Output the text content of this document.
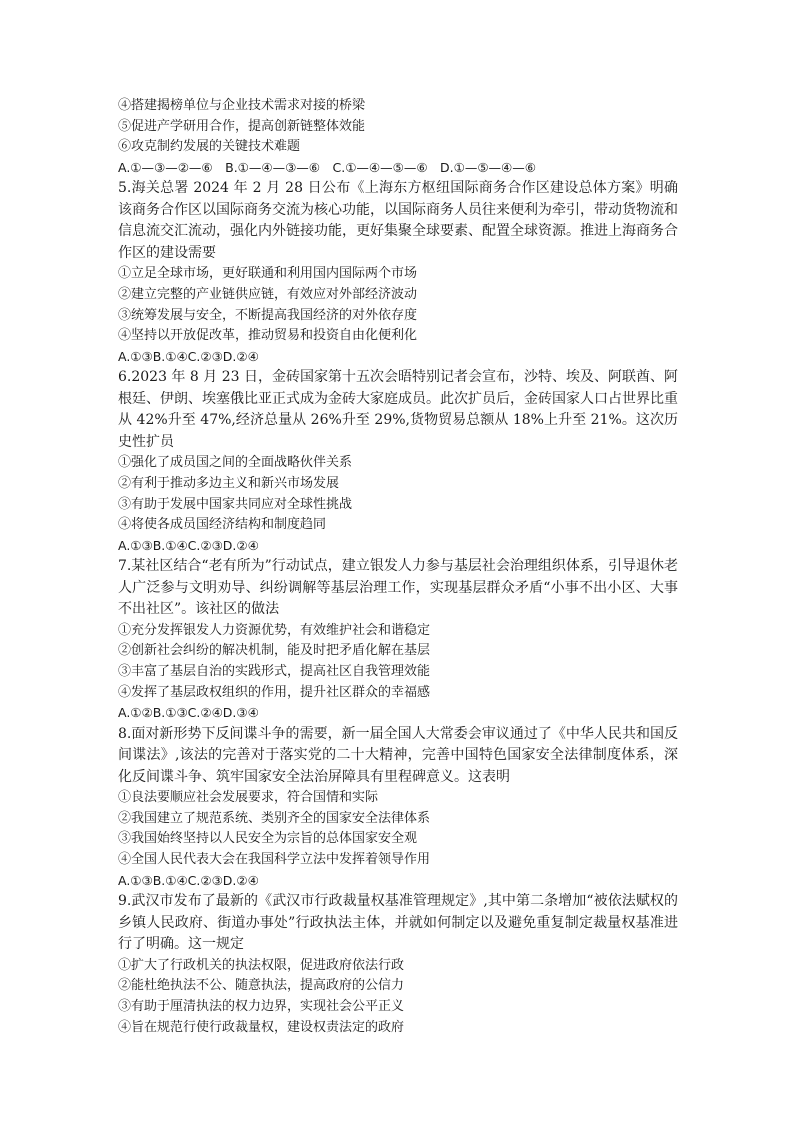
④搭建揭榜单位与企业技术需求对接的桥梁
⑤促进产学研用合作，提高创新链整体效能
⑥攻克制约发展的关键技术难题
A.①—③—②—⑥　B.①—④—③—⑥　C.①—④—⑤—⑥　D.①—⑤—④—⑥
5.海关总署 2024 年 2 月 28 日公布《上海东方枢纽国际商务合作区建设总体方案》明确该商务合作区以国际商务交流为核心功能，以国际商务人员往来便利为牵引，带动货物流和信息流交汇流动，强化内外链接功能，更好集聚全球要素、配置全球资源。推进上海商务合作区的建设需要
①立足全球市场，更好联通和利用国内国际两个市场
②建立完整的产业链供应链，有效应对外部经济波动
③统筹发展与安全，不断提高我国经济的对外依存度
④坚持以开放促改革，推动贸易和投资自由化便利化
A.①③B.①④C.②③D.②④
6.2023 年 8 月 23 日，金砖国家第十五次会晤特别记者会宣布，沙特、埃及、阿联酋、阿根廷、伊朗、埃塞俄比亚正式成为金砖大家庭成员。此次扩员后，金砖国家人口占世界比重从 42%升至 47%,经济总量从 26%升至 29%,货物贸易总额从 18%上升至 21%。这次历史性扩员
①强化了成员国之间的全面战略伙伴关系
②有利于推动多边主义和新兴市场发展
③有助于发展中国家共同应对全球性挑战
④将使各成员国经济结构和制度趋同
A.①③B.①④C.②③D.②④
7.某社区结合“老有所为”行动试点，建立银发人力参与基层社会治理组织体系，引导退休老人广泛参与文明劝导、纠纷调解等基层治理工作，实现基层群众矛盾“小事不出小区、大事不出社区”。该社区的做法
①充分发挥银发人力资源优势，有效维护社会和谐稳定
②创新社会纠纷的解决机制，能及时把矛盾化解在基层
③丰富了基层自治的实践形式，提高社区自我管理效能
④发挥了基层政权组织的作用，提升社区群众的幸福感
A.①②B.①③C.②④D.③④
8.面对新形势下反间谍斗争的需要，新一届全国人大常委会审议通过了《中华人民共和国反间谍法》,该法的完善对于落实党的二十大精神，完善中国特色国家安全法律制度体系，深化反间谍斗争、筑牢国家安全法治屏障具有里程碑意义。这表明
①良法要顺应社会发展要求，符合国情和实际
②我国建立了规范系统、类别齐全的国家安全法律体系
③我国始终坚持以人民安全为宗旨的总体国家安全观
④全国人民代表大会在我国科学立法中发挥着领导作用
A.①③B.①④C.②③D.②④
9.武汉市发布了最新的《武汉市行政裁量权基准管理规定》,其中第二条增加“被依法赋权的乡镇人民政府、街道办事处”行政执法主体，并就如何制定以及避免重复制定裁量权基准进行了明确。这一规定
①扩大了行政机关的执法权限，促进政府依法行政
②能杜绝执法不公、随意执法，提高政府的公信力
③有助于厘清执法的权力边界，实现社会公平正义
④旨在规范行使行政裁量权，建设权责法定的政府
